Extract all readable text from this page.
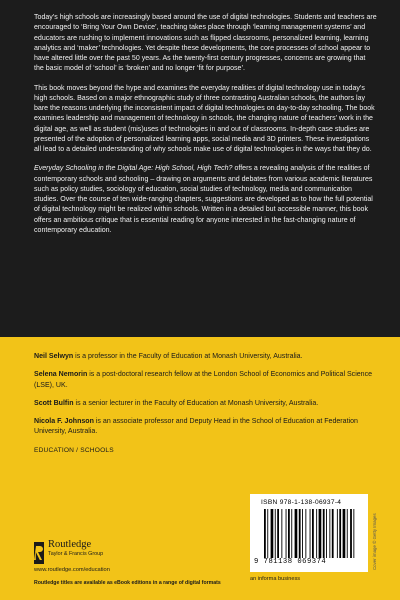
Today’s high schools are increasingly based around the use of digital technologies. Students and teachers are encouraged to ‘Bring Your Own Device’, teaching takes place through ‘learning management systems’ and educators are rushing to implement innovations such as flipped classrooms, personalized learning, learning analytics and ‘maker’ technologies. Yet despite these developments, the core processes of school appear to have altered little over the past 50 years. As the twenty-first century progresses, concerns are growing that the basic model of ‘school’ is ‘broken’ and no longer ‘fit for purpose’.

This book moves beyond the hype and examines the everyday realities of digital technology use in today’s high schools. Based on a major ethnographic study of three contrasting Australian schools, the authors lay bare the reasons underlying the inconsistent impact of digital technologies on day-to-day schooling. The book examines leadership and management of technology in schools, the changing nature of teachers’ work in the digital age, as well as student (mis)uses of technologies in and out of classrooms. In-depth case studies are presented of the adoption of personalized learning apps, social media and 3D printers. These investigations all lead to a detailed understanding of why schools make use of digital technologies in the ways that they do.

Everyday Schooling in the Digital Age: High School, High Tech? offers a revealing analysis of the realities of contemporary schools and schooling – drawing on arguments and debates from various academic literatures such as policy studies, sociology of education, social studies of technology, media and communication studies. Over the course of ten wide-ranging chapters, suggestions are developed as to how the full potential of digital technology might be realized within schools. Written in a detailed but accessible manner, this book offers an ambitious critique that is essential reading for anyone interested in the fast-changing nature of contemporary education.

Neil Selwyn is a professor in the Faculty of Education at Monash University, Australia.

Selena Nemorin is a post-doctoral research fellow at the London School of Economics and Political Science (LSE), UK.

Scott Bulfin is a senior lecturer in the Faculty of Education at Monash University, Australia.

Nicola F. Johnson is an associate professor and Deputy Head in the School of Education at Federation University, Australia.

EDUCATION / SCHOOLS

Routledge
Taylor & Francis Group
www.routledge.com/education
Routledge titles are available as eBook editions in a range of digital formats
ISBN 978-1-138-06937-4
9 781138 069374
an informa business
Cover image © Getty Images
